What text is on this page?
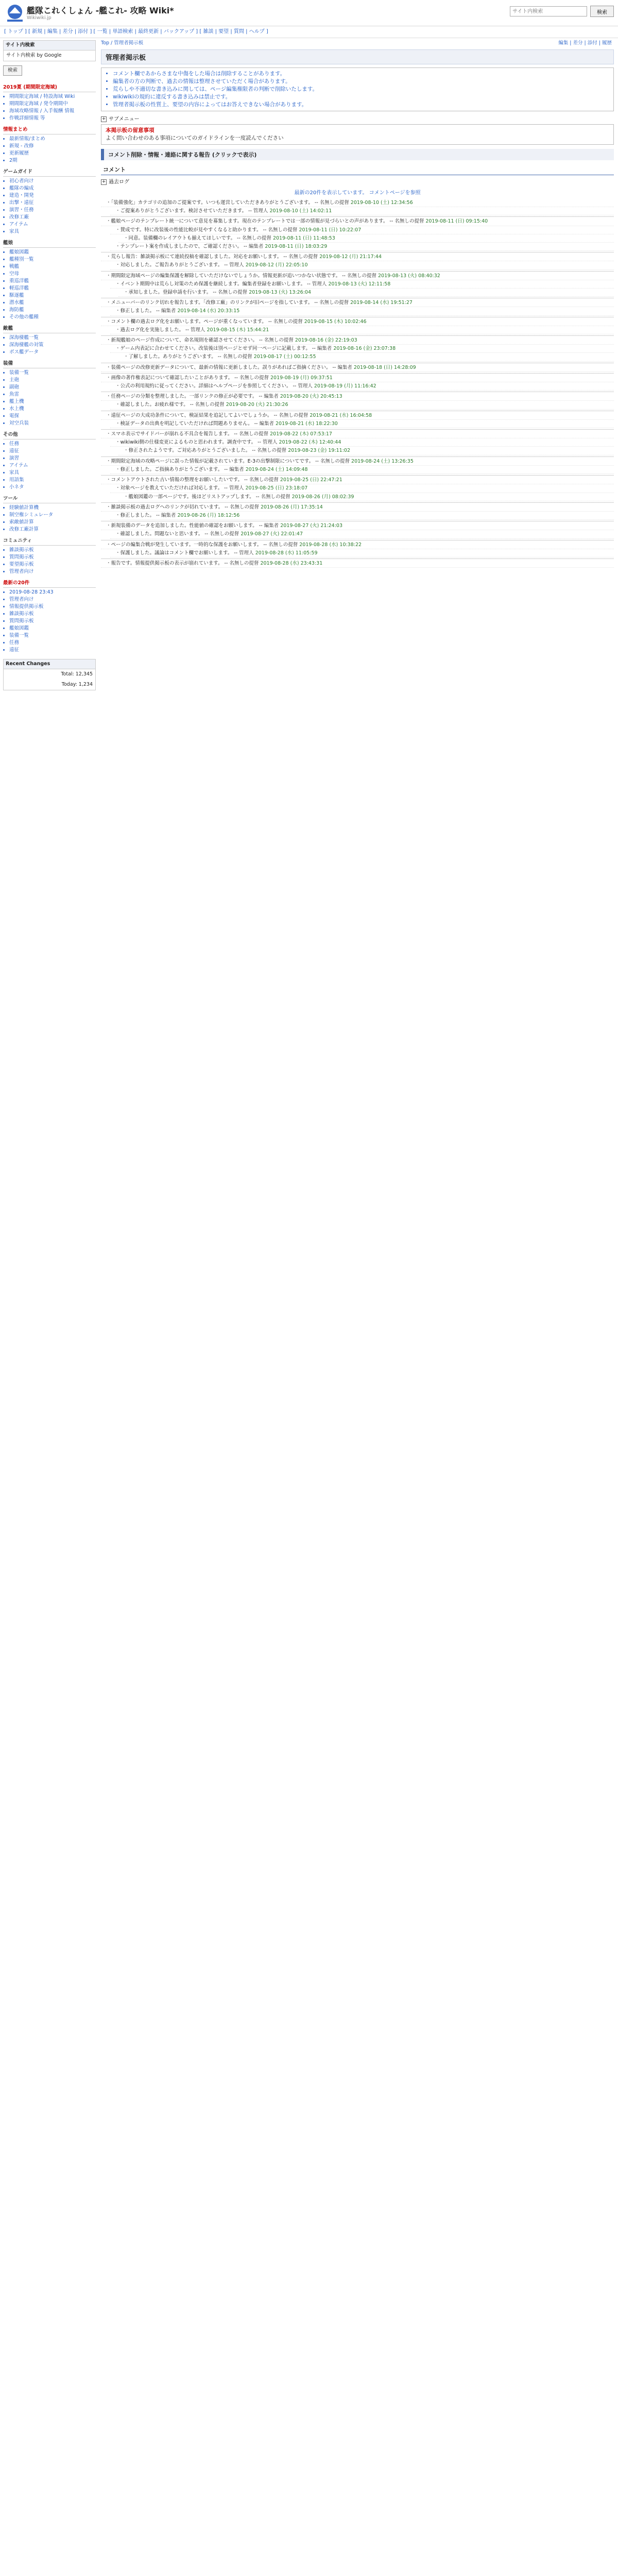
艦隊これくしょん -艦これ- 攻略 Wiki*
Wikiwiki.jp
サイト内検索
検索
[ トップ ] [ 新規 | 編集 | 差分 | 添付 ] [ 一覧 | 単語検索 | 最終更新 | バックアップ ] [ 雑談 | 要望 | 質問 | ヘルプ ]
サイト内検索
サイト内検索 by Google
検索
2019夏 (期間限定海域)
• 期間限定海域 / 特設海域 Wiki
• 期間限定海域 / 発令期間中
• 海域攻略情報 / 入手報酬 情報
• 作戦詳細情報 等
情報まとめ
• 最新情報/まとめ
• 新規 - 改修
• 更新履歴
• 2期
ゲームガイド
• 初心者向け
• 艦隊の編成
• 建造・開発
• 出撃・遠征
• 演習・任務
• 改修工廠
• アイテム
• 家具
艦娘
• 艦娘図鑑
• 艦種別一覧
• 戦艦
• 空母
• 重巡洋艦
• 軽巡洋艦
• 駆逐艦
• 潜水艦
• 海防艦
• その他の艦種
敵艦
• 深海棲艦一覧
• 深海棲艦の対策
• ボス艦データ
装備
• 装備一覧
• 主砲
• 副砲
• 魚雷
• 艦上機
• 水上機
• 電探
• 対空兵装
その他
• 任務
• 遠征
• 演習
• アイテム
• 家具
• 用語集
• 小ネタ
ツール
• 経験値計算機
• 制空権シミュレータ
• 索敵値計算
• 改修工廠計算
コミュニティ
• 雑談掲示板
• 質問掲示板
• 要望掲示板
• 管理者向け
最新の20件
• 2019-08-28 23:43
• 管理者向け
• 情報提供掲示板
• 雑談掲示板
• 質問掲示板
• 艦娘図鑑
• 装備一覧
• 任務
• 遠征
Recent Changes
Total: 12,345
Today: 1,234
Top / 管理者掲示板	編集 | 差分 | 添付 | 履歴
管理者掲示板
• コメント欄であからさまな中傷をした場合は削除することがあります。
• 編集者の方の判断で、過去の情報は整理させていただく場合があります。
• 荒らしや不適切な書き込みに関しては、ページ編集権限者の判断で削除いたします。
• wikiwikiの規約に違反する書き込みは禁止です。
• 管理者掲示板の性質上、要望の内容によってはお答えできない場合があります。
+ サブメニュー
本掲示板の留意事項
よく問い合わせのある事項についてのガイドラインを一度読んでください
コメント削除・情報・連絡に関する報告 (クリックで表示)
コメント
+ 過去ログ
最新の20件を表示しています。 コメントページを参照
・ 「装備強化」カテゴリの追加のご提案です。いつも運営していただきありがとうございます。 -- 名無しの提督 2019-08-10 (土) 12:34:56
・ ご提案ありがとうございます。検討させていただきます。 -- 管理人 2019-08-10 (土) 14:02:11
・ 艦娘ページのテンプレート統一について意見を募集します。現在のテンプレートでは一部の情報が見づらいとの声があります。 -- 名無しの提督 2019-08-11 (日) 09:15:40
・ 賛成です。特に改装後の性能比較が見やすくなると助かります。 -- 名無しの提督 2019-08-11 (日) 10:22:07
・ 同意。装備欄のレイアウトも揃えてほしいです。 -- 名無しの提督 2019-08-11 (日) 11:48:53
・ テンプレート案を作成しましたので、ご確認ください。 -- 編集者 2019-08-11 (日) 18:03:29
・ 荒らし報告：雑談掲示板にて連続投稿を確認しました。対応をお願いします。 -- 名無しの提督 2019-08-12 (月) 21:17:44
・ 対応しました。ご報告ありがとうございます。 -- 管理人 2019-08-12 (月) 22:05:10
・ 期間限定海域ページの編集保護を解除していただけないでしょうか。情報更新が追いつかない状態です。 -- 名無しの提督 2019-08-13 (火) 08:40:32
・ イベント期間中は荒らし対策のため保護を継続します。編集者登録をお願いします。 -- 管理人 2019-08-13 (火) 12:11:58
・ 承知しました。登録申請を行います。 -- 名無しの提督 2019-08-13 (火) 13:26:04
・ メニューバーのリンク切れを報告します。「改修工廠」のリンクが旧ページを指しています。 -- 名無しの提督 2019-08-14 (水) 19:51:27
・ 修正しました。 -- 編集者 2019-08-14 (水) 20:33:15
・ コメント欄の過去ログ化をお願いします。ページが重くなっています。 -- 名無しの提督 2019-08-15 (木) 10:02:46
・ 過去ログ化を実施しました。 -- 管理人 2019-08-15 (木) 15:44:21
・ 新規艦娘のページ作成について、命名規則を確認させてください。 -- 名無しの提督 2019-08-16 (金) 22:19:03
・ ゲーム内表記に合わせてください。改装後は別ページとせず同一ページに記載します。 -- 編集者 2019-08-16 (金) 23:07:38
・ 了解しました。ありがとうございます。 -- 名無しの提督 2019-08-17 (土) 00:12:55
・ 装備ページの改修更新データについて、最新の情報に更新しました。誤りがあればご指摘ください。 -- 編集者 2019-08-18 (日) 14:28:09
・ 画像の著作権表記について確認したいことがあります。 -- 名無しの提督 2019-08-19 (月) 09:37:51
・ 公式の利用規約に従ってください。詳細はヘルプページを参照してください。 -- 管理人 2019-08-19 (月) 11:16:42
・ 任務ページの分類を整理しました。一部リンクの修正が必要です。 -- 編集者 2019-08-20 (火) 20:45:13
・ 確認しました。お疲れ様です。 -- 名無しの提督 2019-08-20 (火) 21:30:26
・ 遠征ページの大成功条件について、検証結果を追記してよいでしょうか。 -- 名無しの提督 2019-08-21 (水) 16:04:58
・ 検証データの出典を明記していただければ問題ありません。 -- 編集者 2019-08-21 (水) 18:22:30
・ スマホ表示でサイドバーが崩れる不具合を報告します。 -- 名無しの提督 2019-08-22 (木) 07:53:17
・ wikiwiki側の仕様変更によるものと思われます。調査中です。 -- 管理人 2019-08-22 (木) 12:40:44
・ 修正されたようです。ご対応ありがとうございました。 -- 名無しの提督 2019-08-23 (金) 19:11:02
・ 期間限定海域の攻略ページに誤った情報が記載されています。E-3の出撃制限についてです。 -- 名無しの提督 2019-08-24 (土) 13:26:35
・ 修正しました。ご指摘ありがとうございます。 -- 編集者 2019-08-24 (土) 14:09:48
・ コメントアウトされた古い情報の整理をお願いしたいです。 -- 名無しの提督 2019-08-25 (日) 22:47:21
・ 対象ページを教えていただければ対応します。 -- 管理人 2019-08-25 (日) 23:18:07
・ 艦娘図鑑の一部ページです。後ほどリストアップします。 -- 名無しの提督 2019-08-26 (月) 08:02:39
・ 雑談掲示板の過去ログへのリンクが切れています。 -- 名無しの提督 2019-08-26 (月) 17:35:14
・ 修正しました。 -- 編集者 2019-08-26 (月) 18:12:56
・ 新規装備のデータを追加しました。性能値の確認をお願いします。 -- 編集者 2019-08-27 (火) 21:24:03
・ 確認しました。問題ないと思います。 -- 名無しの提督 2019-08-27 (火) 22:01:47
・ ページの編集合戦が発生しています。一時的な保護をお願いします。 -- 名無しの提督 2019-08-28 (水) 10:38:22
・ 保護しました。議論はコメント欄でお願いします。 -- 管理人 2019-08-28 (水) 11:05:59
・ 報告です。情報提供掲示板の表示が崩れています。 -- 名無しの提督 2019-08-28 (水) 23:43:31
